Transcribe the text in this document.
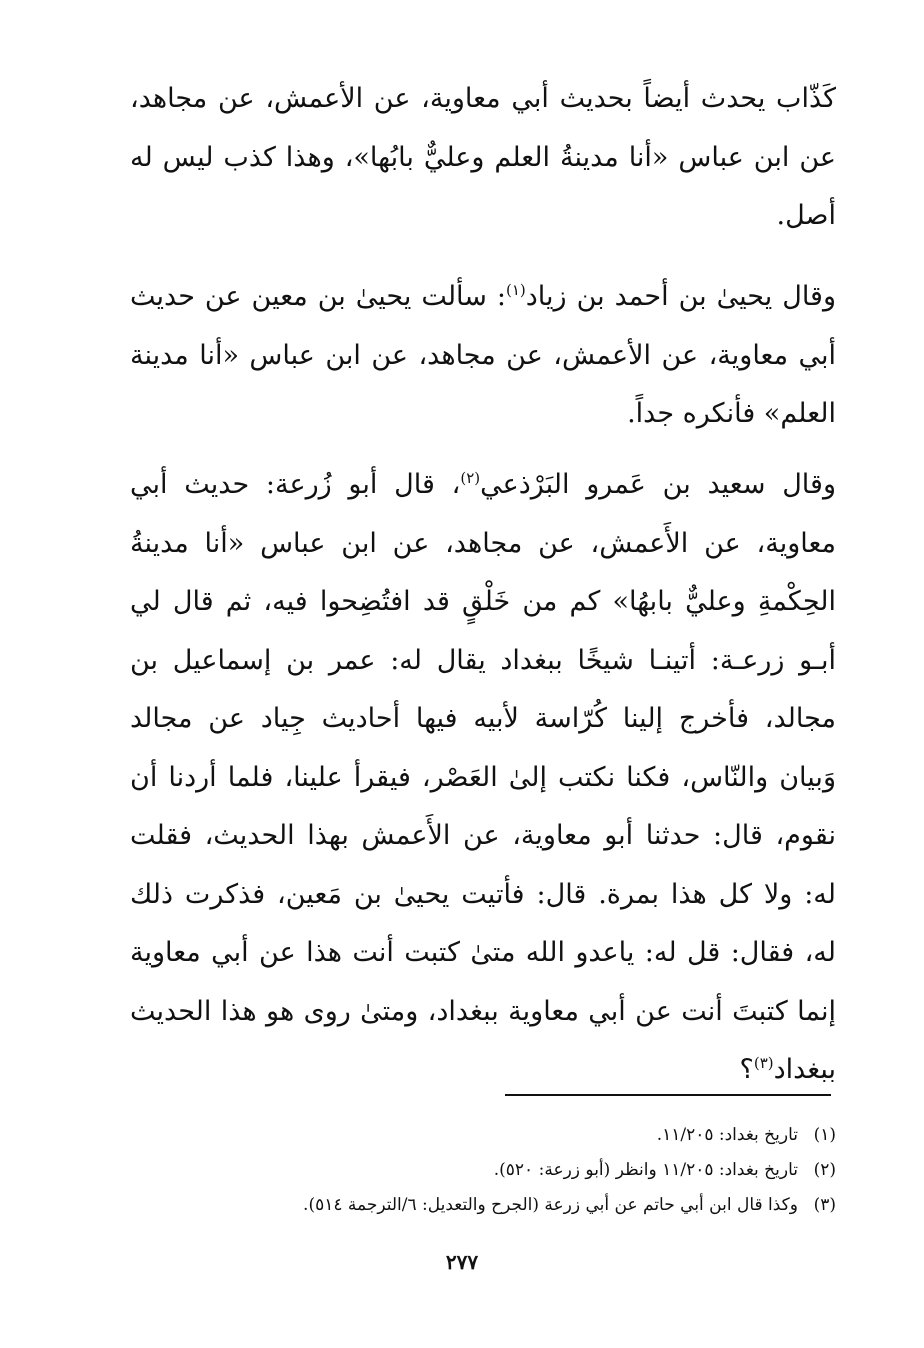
كَذّاب يحدث أيضاً بحديث أبي معاوية، عن الأعمش، عن مجاهد، عن ابن عباس «أنا مدينةُ العلم وعليٌّ بابُها»، وهذا كذب ليس له أصل.

وقال يحيىٰ بن أحمد بن زياد$^{(١)}$: سألت يحيىٰ بن معين عن حديث أبي معاوية، عن الأعمش، عن مجاهد، عن ابن عباس «أنا مدينة العلم» فأنكره جداً.

وقال سعيد بن عَمرو البَرْذعي$^{(٢)}$، قال أبو زُرعة: حديث أبي معاوية، عن الأَعمش، عن مجاهد، عن ابن عباس «أنا مدينةُ الحِكْمةِ وعليٌّ بابهُا» كم من خَلْقٍ قد افتُضِحوا فيه، ثم قال لي أبـو زرعـة: أتينـا شيخًا ببغداد يقال له: عمر بن إسماعيل بن مجالد، فأخرج إلينا كُرّاسة لأبيه فيها أحاديث جِياد عن مجالد وَبيان والنّاس، فكنا نكتب إلىٰ العَصْر، فيقرأ علينا، فلما أردنا أن نقوم، قال: حدثنا أبو معاوية، عن الأَعمش بهذا الحديث، فقلت له: ولا كل هذا بمرة. قال: فأتيت يحيىٰ بن مَعين، فذكرت ذلك له، فقال: قل له: ياعدو الله متىٰ كتبت أنت هذا عن أبي معاوية إنما كتبتَ أنت عن أبي معاوية ببغداد، ومتىٰ روى هو هذا الحديث ببغداد$^{(٣)}$؟

(١)تاريخ بغداد: ١١/٢٠٥.
(٢)تاريخ بغداد: ١١/٢٠٥ وانظر (أبو زرعة: ٥٢٠).
(٣)وكذا قال ابن أبي حاتم عن أبي زرعة (الجرح والتعديل: ٦/الترجمة ٥١٤).
٢٧٧
